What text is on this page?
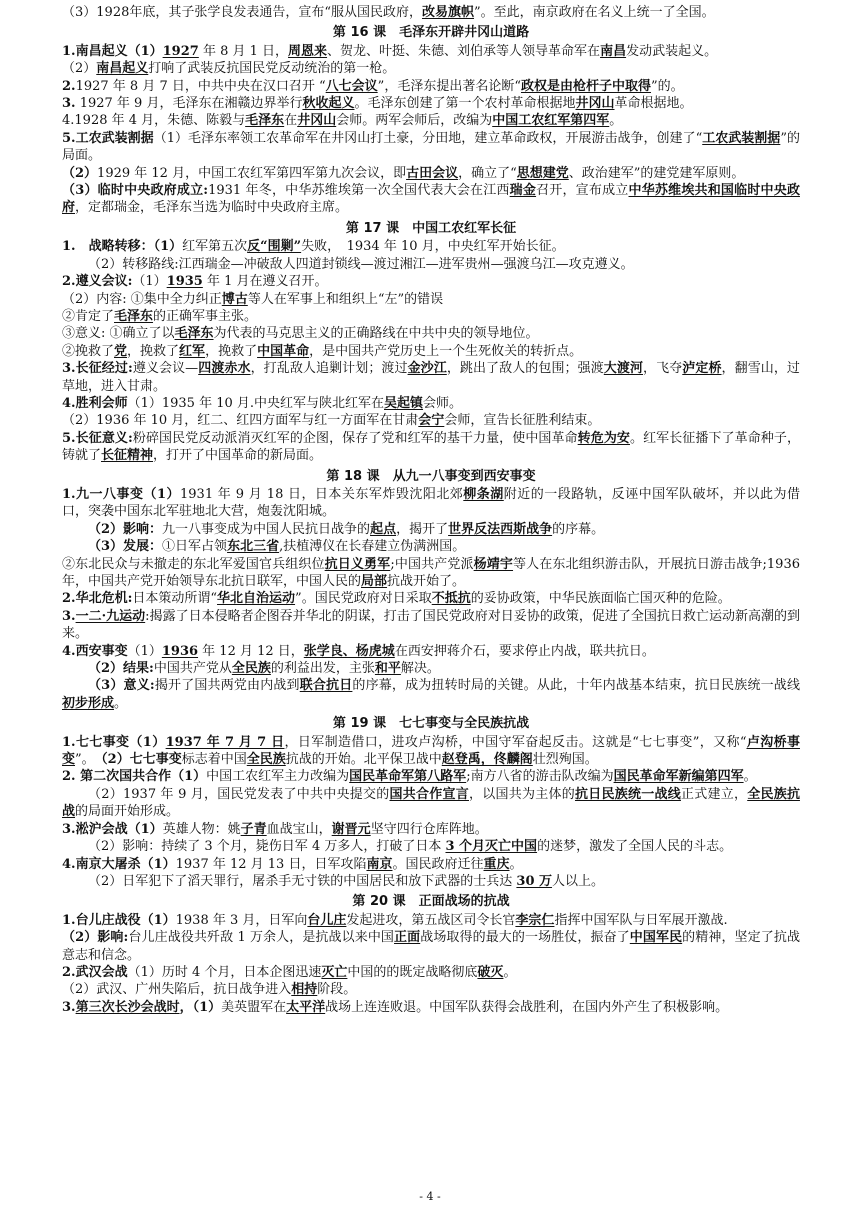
（3）1928年底，其子张学良发表通告，宣布“服从国民政府，改易旗帜”。至此，南京政府在名义上统一了全国。
第 16 课　毛泽东开辟井冈山道路
1.南昌起义（1）1927 年 8 月 1 日，周恩来、贺龙、叶挺、朱德、刘伯承等人领导革命军在南昌发动武装起义。
（2）南昌起义打响了武装反抗国民党反动统治的第一枪。
2.1927 年 8 月 7 日，中共中央在汉口召开 “八七会议”，毛泽东提出著名论断“政权是由枪杆子中取得”的。
3. 1927 年 9 月，毛泽东在湘赣边界举行秋收起义。毛泽东创建了第一个农村革命根据地井冈山革命根据地。
4.1928 年 4 月，朱德、陈毅与毛泽东在井冈山会师。两军会师后，改编为中国工农红军第四军。
5.工农武装割据（1）毛泽东率领工农革命军在井冈山打土豪，分田地，建立革命政权，开展游击战争，创建了“工农武装割据”的局面。
（2）1929 年 12 月，中国工农红军第四军第九次会议，即古田会议，确立了“思想建党、政治建军”的建党建军原则。
（3）临时中央政府成立:1931 年冬，中华苏维埃第一次全国代表大会在江西瑞金召开，宣布成立中华苏维埃共和国临时中央政府，定都瑞金，毛泽东当选为临时中央政府主席。
第 17 课　中国工农红军长征
1.　战略转移：（1）红军第五次反“围剿”失败，　1934 年 10 月，中央红军开始长征。
（2）转移路线:江西瑞金—冲破敌人四道封锁线—渡过湘江—进军贵州—强渡乌江—攻克遵义。
2.遵义会议:（1）1935 年 1 月在遵义召开。
（2）内容: ①集中全力纠正博古等人在军事上和组织上“左”的错误
②肯定了毛泽东的正确军事主张。
③意义: ①确立了以毛泽东为代表的马克思主义的正确路线在中共中央的领导地位。
②挽救了党，挽救了红军，挽救了中国革命，是中国共产党历史上一个生死攸关的转折点。
3.长征经过:遵义会议—四渡赤水，打乱敌人追剿计划；渡过金沙江，跳出了敌人的包围；强渡大渡河，飞夺泸定桥，翻雪山，过草地，进入甘肃。
4.胜利会师（1）1935 年 10 月.中央红军与陕北红军在吴起镇会师。
（2）1936 年 10 月，红二、红四方面军与红一方面军在甘肃会宁会师，宣告长征胜利结束。
5.长征意义:粉碎国民党反动派消灭红军的企图，保存了党和红军的基干力量，使中国革命转危为安。红军长征播下了革命种子，铸就了长征精神，打开了中国革命的新局面。
第 18 课　从九一八事变到西安事变
1.九一八事变（1）1931 年 9 月 18 日，日本关东军炸毁沈阳北郊柳条湖附近的一段路轨，反诬中国军队破坏，并以此为借口，突袭中国东北军驻地北大营，炮轰沈阳城。
（2）影响：九一八事变成为中国人民抗日战争的起点，揭开了世界反法西斯战争的序幕。
（3）发展：①日军占领东北三省,扶植溥仪在长春建立伪满洲国。
②东北民众与未撤走的东北军爱国官兵组织位抗日义勇军;中国共产党派杨靖宇等人在东北组织游击队，开展抗日游击战争;1936年，中国共产党开始领导东北抗日联军，中国人民的局部抗战开始了。
2.华北危机:日本策动所谓“华北自治运动”。国民党政府对日采取不抵抗的妥协政策，中华民族面临亡国灭种的危险。
3.一二·九运动:揭露了日本侵略者企图吞并华北的阴谋，打击了国民党政府对日妥协的政策，促进了全国抗日救亡运动新高潮的到来。
4.西安事变（1）1936 年 12 月 12 日，张学良、杨虎城在西安押蒋介石，要求停止内战，联共抗日。
（2）结果:中国共产党从全民族的利益出发，主张和平解决。
（3）意义:揭开了国共两党由内战到联合抗日的序幕，成为扭转时局的关键。从此，十年内战基本结束，抗日民族统一战线初步形成。
第 19 课　七七事变与全民族抗战
1.七七事变（1）1937 年 7 月 7 日，日军制造借口，进攻卢沟桥，中国守军奋起反击。这就是“七七事变”，又称“卢沟桥事变”。　（2）七七事变标志着中国全民族抗战的开始。北平保卫战中赵登禹，佟麟阁壮烈殉国。
2. 第二次国共合作（1）中国工农红军主力改编为国民革命军第八路军;南方八省的游击队改编为国民革命军新编第四军。
（2）1937 年 9 月，国民党发表了中共中央提交的国共合作宣言，以国共为主体的抗日民族统一战线正式建立，全民族抗战的局面开始形成。
3.淞沪会战（1）英雄人物：姚子青血战宝山，谢晋元坚守四行仓库阵地。
（2）影响：持续了 3 个月，毙伤日军 4 万多人，打破了日本 3 个月灭亡中国的迷梦，激发了全国人民的斗志。
4.南京大屠杀（1）1937 年 12 月 13 日，日军攻陷南京。国民政府迁往重庆。
（2）日军犯下了滔天罪行，屠杀手无寸铁的中国居民和放下武器的士兵达 30 万人以上。
第 20 课　正面战场的抗战
1.台儿庄战役（1）1938 年 3 月，日军向台儿庄发起进攻，第五战区司令长官李宗仁指挥中国军队与日军展开激战.
（2）影响:台儿庄战役共歼敌 1 万余人，是抗战以来中国正面战场取得的最大的一场胜仗，振奋了中国军民的精神，坚定了抗战意志和信念。
2.武汉会战（1）历时 4 个月，日本企图迅速灭亡中国的的既定战略彻底破灭。
（2）武汉、广州失陷后，抗日战争进入相持阶段。
3.第三次长沙会战时，（1）美英盟军在太平洋战场上连连败退。中国军队获得会战胜利，在国内外产生了积极影响。
- 4 -
